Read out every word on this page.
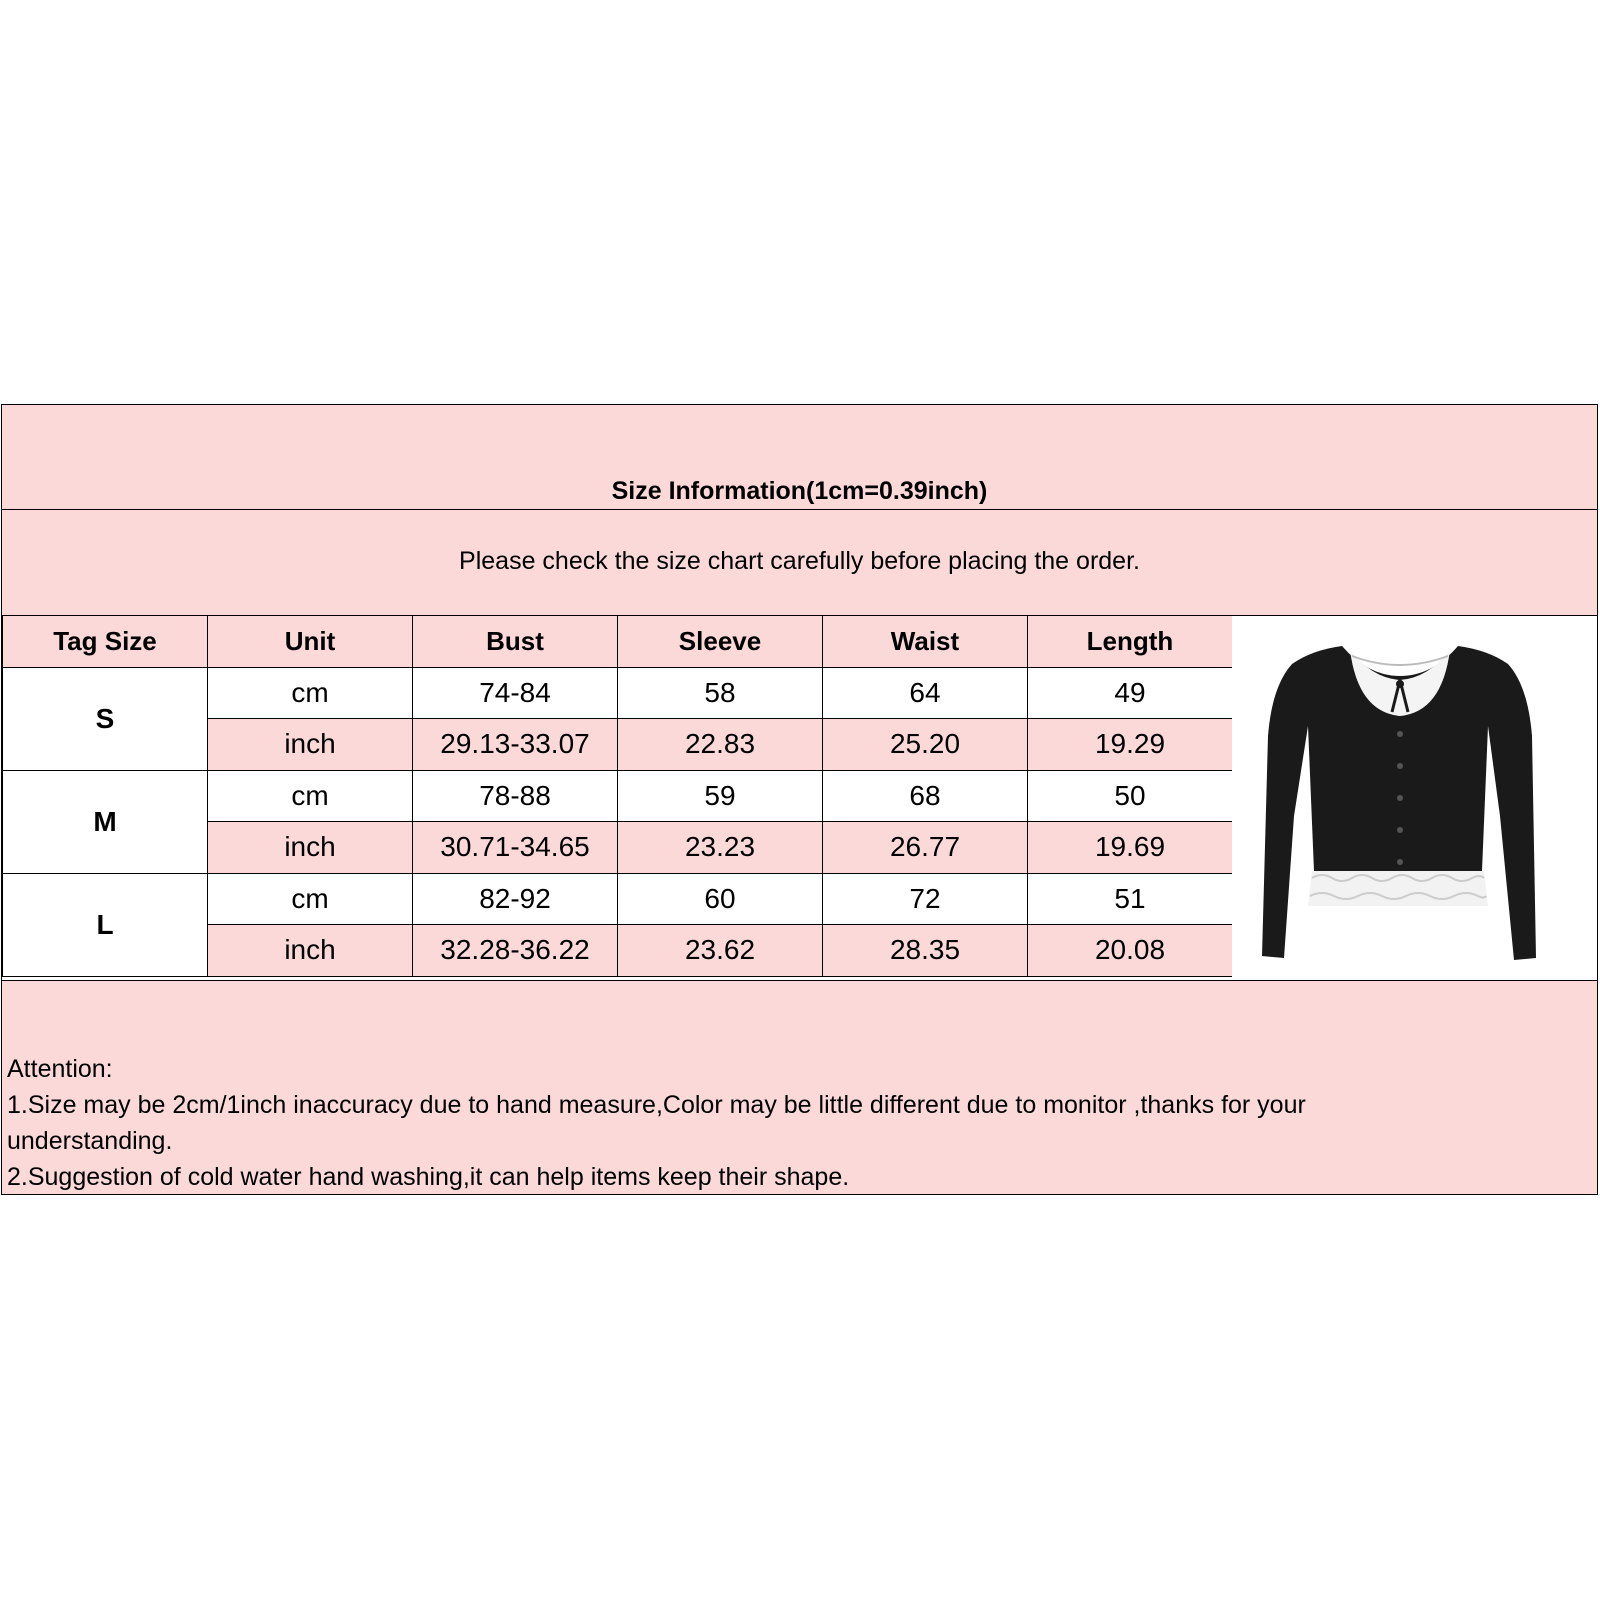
Size Information(1cm=0.39inch)
Please check the size chart carefully before placing the order.
Tag Size	Unit	Bust	Sleeve	Waist	Length
S	cm	74-84	58	64	49
	inch	29.13-33.07	22.83	25.20	19.29
M	cm	78-88	59	68	50
	inch	30.71-34.65	23.23	26.77	19.69
L	cm	82-92	60	72	51
	inch	32.28-36.22	23.62	28.35	20.08
Attention:
1.Size may be 2cm/1inch inaccuracy due to hand measure,Color may be little different due to monitor ,thanks for your understanding.
2.Suggestion of cold water hand washing,it can help items keep their shape.
